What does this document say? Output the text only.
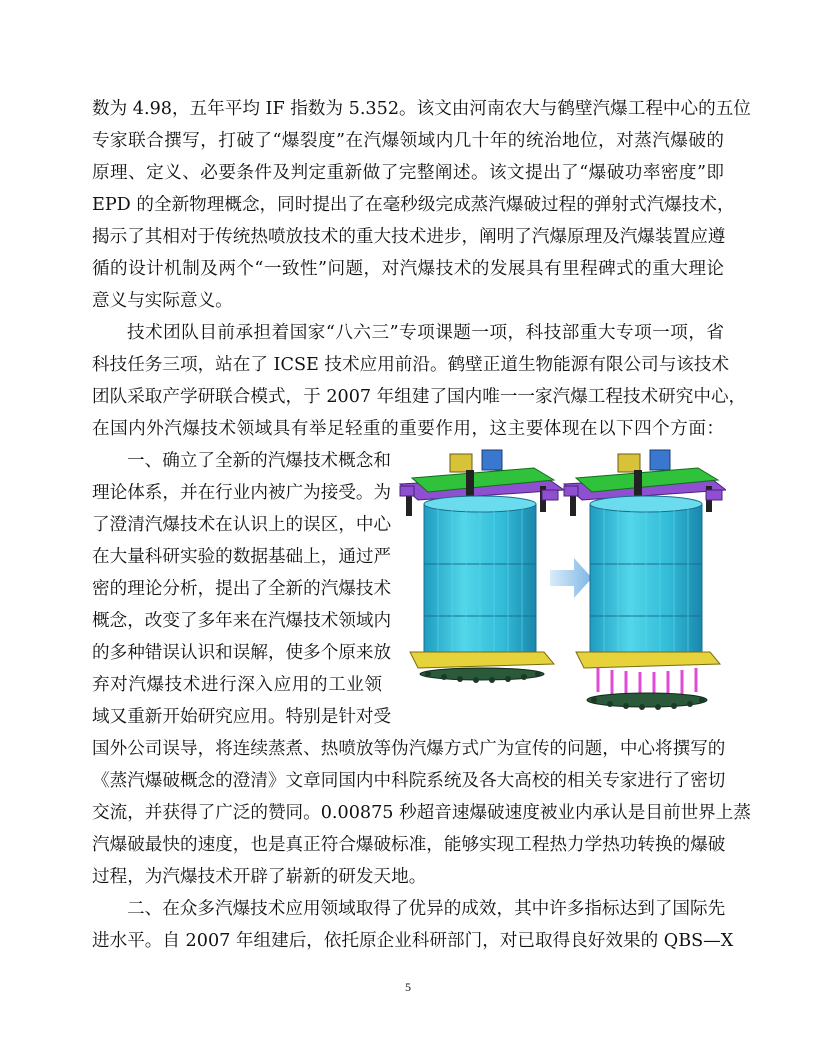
数为 4.98，五年平均 IF 指数为 5.352。该文由河南农大与鹤壁汽爆工程中心的五位
专家联合撰写，打破了“爆裂度”在汽爆领域内几十年的统治地位，对蒸汽爆破的
原理、定义、必要条件及判定重新做了完整阐述。该文提出了“爆破功率密度”即
EPD 的全新物理概念，同时提出了在毫秒级完成蒸汽爆破过程的弹射式汽爆技术，
揭示了其相对于传统热喷放技术的重大技术进步，阐明了汽爆原理及汽爆装置应遵
循的设计机制及两个“一致性”问题，对汽爆技术的发展具有里程碑式的重大理论
意义与实际意义。
技术团队目前承担着国家“八六三”专项课题一项，科技部重大专项一项，省
科技任务三项，站在了 ICSE 技术应用前沿。鹤壁正道生物能源有限公司与该技术
团队采取产学研联合模式，于 2007 年组建了国内唯一一家汽爆工程技术研究中心，
在国内外汽爆技术领域具有举足轻重的重要作用，这主要体现在以下四个方面：
一、确立了全新的汽爆技术概念和
理论体系，并在行业内被广为接受。为
了澄清汽爆技术在认识上的误区，中心
在大量科研实验的数据基础上，通过严
密的理论分析，提出了全新的汽爆技术
概念，改变了多年来在汽爆技术领域内
的多种错误认识和误解，使多个原来放
弃对汽爆技术进行深入应用的工业领
域又重新开始研究应用。特别是针对受
国外公司误导，将连续蒸煮、热喷放等伪汽爆方式广为宣传的问题，中心将撰写的
《蒸汽爆破概念的澄清》文章同国内中科院系统及各大高校的相关专家进行了密切
交流，并获得了广泛的赞同。0.00875 秒超音速爆破速度被业内承认是目前世界上蒸
汽爆破最快的速度，也是真正符合爆破标准，能够实现工程热力学热功转换的爆破
过程，为汽爆技术开辟了崭新的研发天地。
二、在众多汽爆技术应用领域取得了优异的成效，其中许多指标达到了国际先
进水平。自 2007 年组建后，依托原企业科研部门，对已取得良好效果的 QBS—X
5
